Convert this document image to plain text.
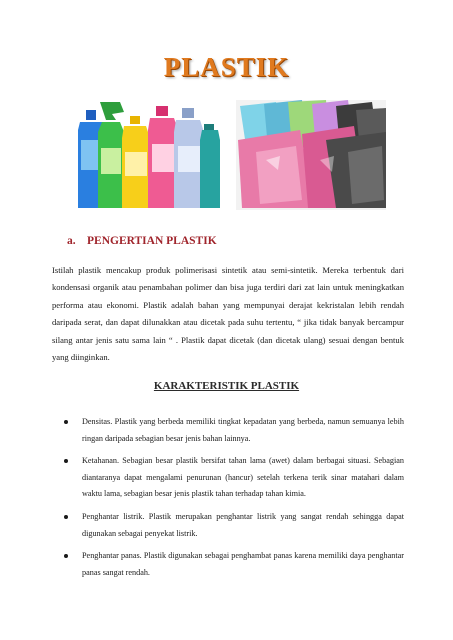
PLASTIK
a. PENGERTIAN PLASTIK

Istilah plastik mencakup produk polimerisasi sintetik atau semi-sintetik. Mereka terbentuk dari kondensasi organik atau penambahan polimer dan bisa juga terdiri dari zat lain untuk meningkatkan performa atau ekonomi. Plastik adalah bahan yang mempunyai derajat kekristalan lebih rendah daripada serat, dan dapat dilunakkan atau dicetak pada suhu tertentu, “ jika tidak banyak bercampur silang antar jenis satu sama lain “ . Plastik dapat dicetak (dan dicetak ulang) sesuai dengan bentuk yang diinginkan.

KARAKTERISTIK PLASTIK
Densitas. Plastik yang berbeda memiliki tingkat kepadatan yang berbeda, namun semuanya lebih ringan daripada sebagian besar jenis bahan lainnya.
Ketahanan. Sebagian besar plastik bersifat tahan lama (awet) dalam berbagai situasi. Sebagian diantaranya dapat mengalami penurunan (hancur) setelah terkena terik sinar matahari dalam waktu lama, sebagian besar jenis plastik tahan terhadap tahan kimia.
Penghantar listrik. Plastik merupakan penghantar listrik yang sangat rendah sehingga dapat digunakan sebagai penyekat listrik.
Penghantar panas. Plastik digunakan sebagai penghambat panas karena memiliki daya penghantar panas sangat rendah.
